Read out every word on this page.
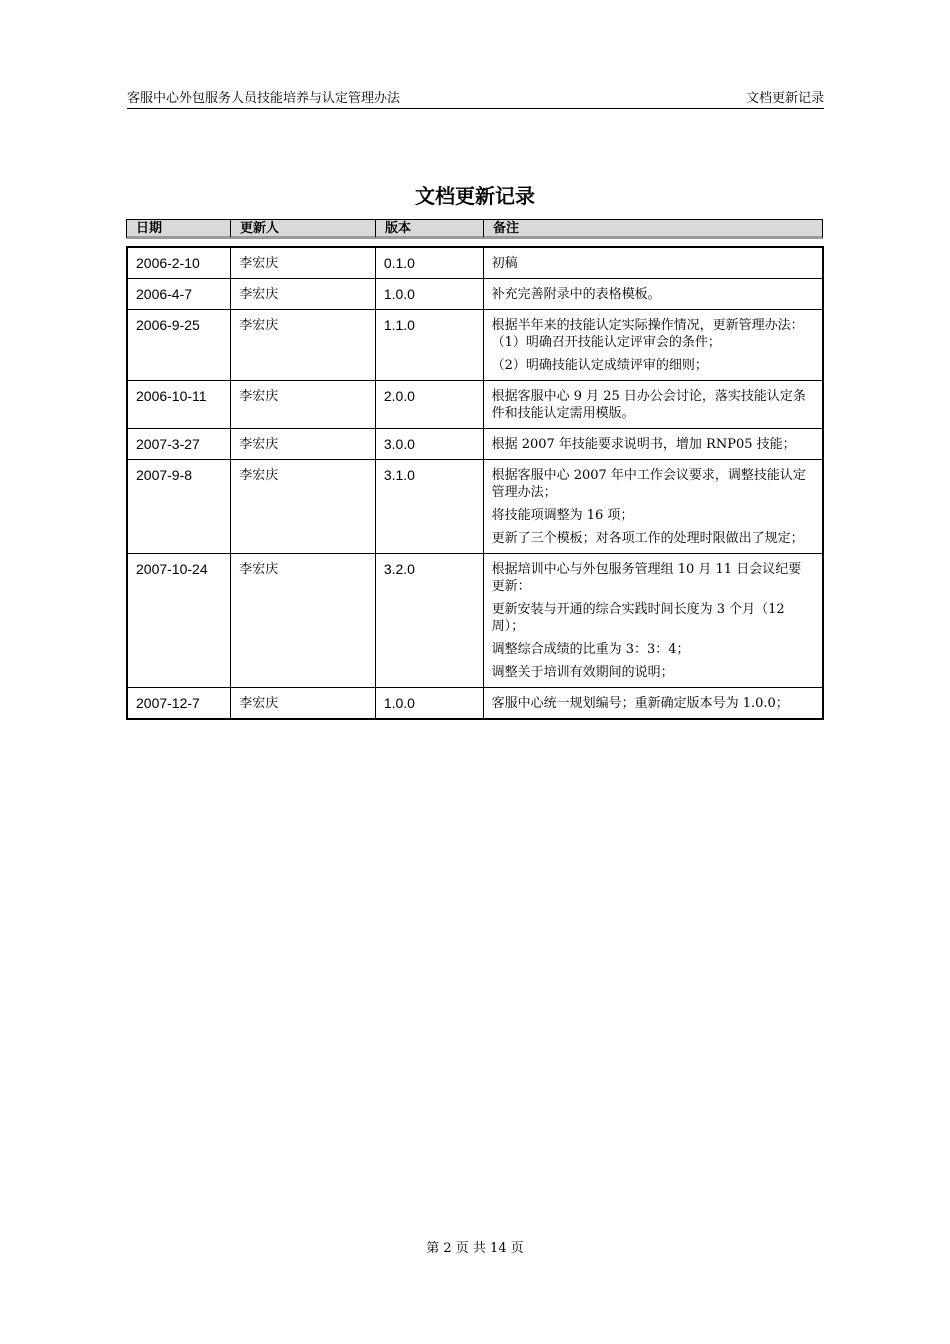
客服中心外包服务人员技能培养与认定管理办法	文档更新记录
文档更新记录
日期	更新人	版本	备注
2006-2-10	李宏庆	0.1.0	初稿

2006-4-7	李宏庆	1.0.0	补充完善附录中的表格模板。

2006-9-25	李宏庆	1.1.0	根据半年来的技能认定实际操作情况，更新管理办法：（1）明确召开技能认定评审会的条件；

（2）明确技能认定成绩评审的细则；

2006-10-11	李宏庆	2.0.0	根据客服中心 9 月 25 日办公会讨论，落实技能认定条件和技能认定需用模版。

2007-3-27	李宏庆	3.0.0	根据 2007 年技能要求说明书，增加 RNP05 技能；

2007-9-8	李宏庆	3.1.0	根据客服中心 2007 年中工作会议要求，调整技能认定管理办法；

将技能项调整为 16 项；

更新了三个模板；对各项工作的处理时限做出了规定；

2007-10-24	李宏庆	3.2.0	根据培训中心与外包服务管理组 10 月 11 日会议纪要更新：

更新安装与开通的综合实践时间长度为 3 个月（12 周）；

调整综合成绩的比重为 3：3：4；

调整关于培训有效期间的说明；

2007-12-7	李宏庆	1.0.0	客服中心统一规划编号；重新确定版本号为 1.0.0；

第 2 页 共 14 页
